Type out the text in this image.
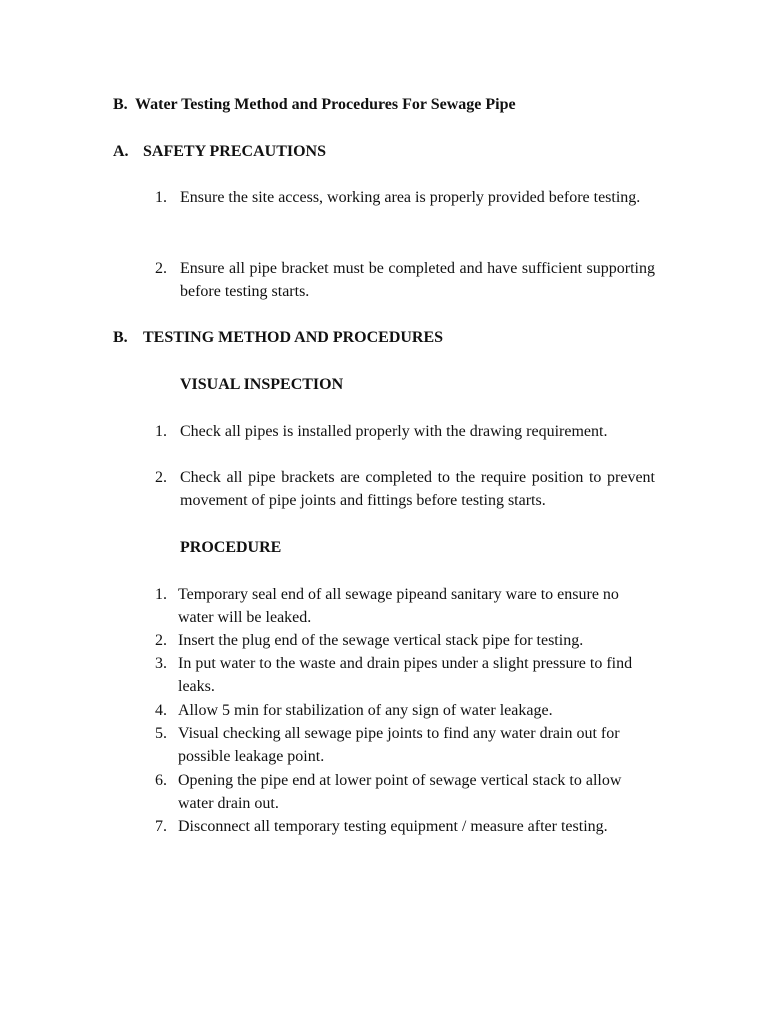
B. Water Testing Method and Procedures For Sewage Pipe
A. SAFETY PRECAUTIONS
1. Ensure the site access, working area is properly provided before testing.
2. Ensure all pipe bracket must be completed and have sufficient supporting before testing starts.
B. TESTING METHOD AND PROCEDURES
VISUAL INSPECTION
1. Check all pipes is installed properly with the drawing requirement.
2. Check all pipe brackets are completed to the require position to prevent movement of pipe joints and fittings before testing starts.
PROCEDURE
1. Temporary seal end of all sewage pipeand sanitary ware to ensure no water will be leaked.
2. Insert the plug end of the sewage vertical stack pipe for testing.
3. In put water to the waste and drain pipes under a slight pressure to find leaks.
4. Allow 5 min for stabilization of any sign of water leakage.
5. Visual checking all sewage pipe joints to find any water drain out for possible leakage point.
6. Opening the pipe end at lower point of sewage vertical stack to allow water drain out.
7. Disconnect all temporary testing equipment / measure after testing.
